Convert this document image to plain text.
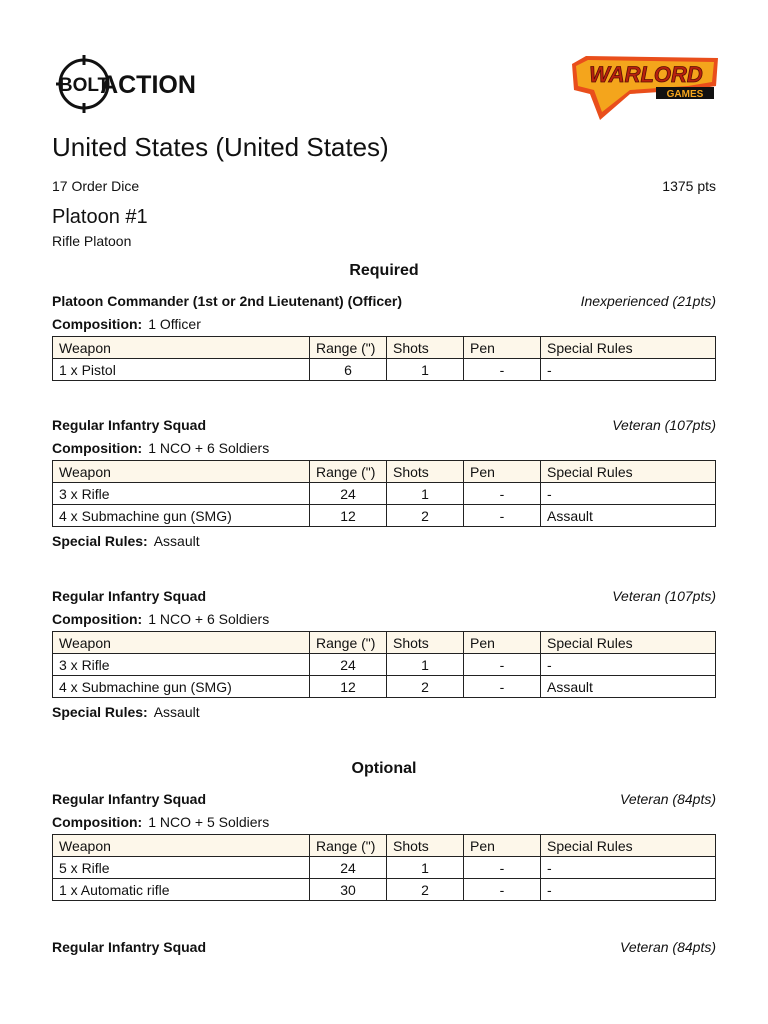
BOLT
ACTION	WARLORD
GAMES
United States (United States)
17 Order Dice	1375 pts
Platoon #1
Rifle Platoon
Required
Platoon Commander (1st or 2nd Lieutenant) (Officer)	Inexperienced (21pts)
Composition: 1 Officer
Weapon	Range (")	Shots	Pen	Special Rules
1 x Pistol	6	1	-	-
Regular Infantry Squad	Veteran (107pts)
Composition: 1 NCO + 6 Soldiers
Weapon	Range (")	Shots	Pen	Special Rules
3 x Rifle	24	1	-	-
4 x Submachine gun (SMG)	12	2	-	Assault
Special Rules: Assault
Regular Infantry Squad	Veteran (107pts)
Composition: 1 NCO + 6 Soldiers
Weapon	Range (")	Shots	Pen	Special Rules
3 x Rifle	24	1	-	-
4 x Submachine gun (SMG)	12	2	-	Assault
Special Rules: Assault
Optional
Regular Infantry Squad	Veteran (84pts)
Composition: 1 NCO + 5 Soldiers
Weapon	Range (")	Shots	Pen	Special Rules
5 x Rifle	24	1	-	-
1 x Automatic rifle	30	2	-	-
Regular Infantry Squad	Veteran (84pts)
